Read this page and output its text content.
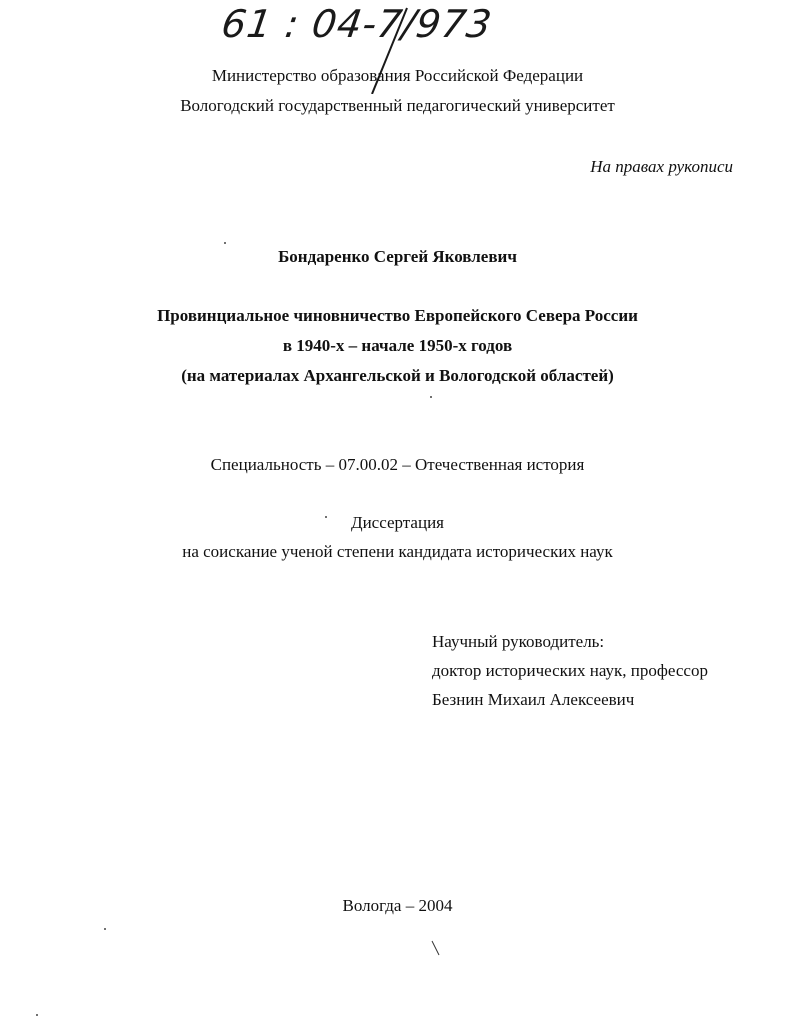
61 : 04-7/973
Министерство образования Российской Федерации
Вологодский государственный педагогический университет
На правах рукописи
Бондаренко Сергей Яковлевич
Провинциальное чиновничество Европейского Севера России
в 1940-х – начале 1950-х годов
(на материалах Архангельской и Вологодской областей)
Специальность – 07.00.02 – Отечественная история
Диссертация
на соискание ученой степени кандидата исторических наук
Научный руководитель:
доктор исторических наук, профессор
Безнин Михаил Алексеевич
Вологда – 2004
